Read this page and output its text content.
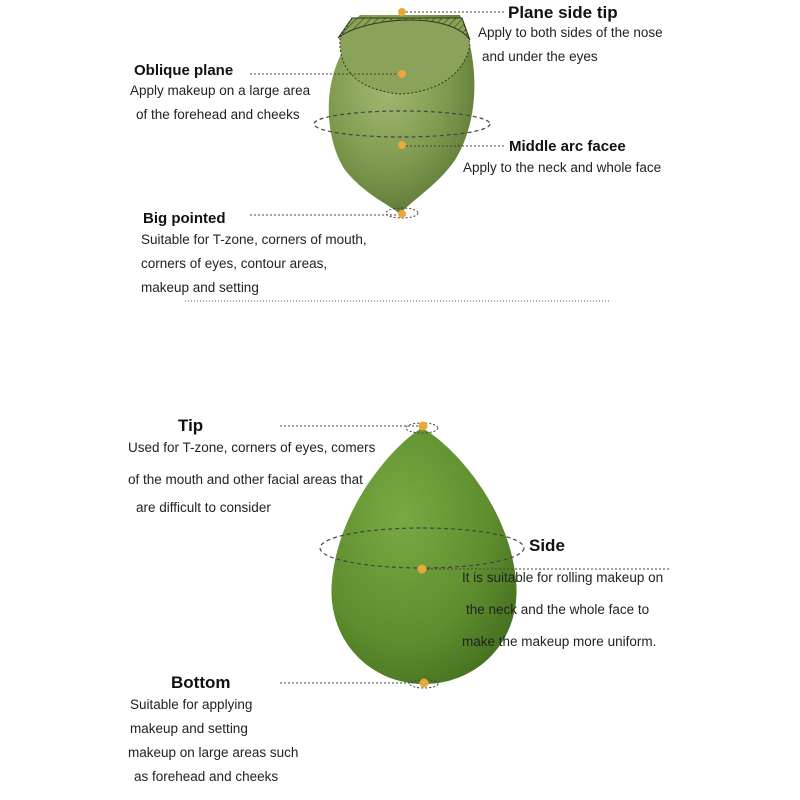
Plane side tip
Apply to both sides of the nose
and under the eyes
Oblique plane
Apply makeup on a large area
of the forehead and cheeks
Middle arc facee
Apply to the neck and whole face
Big pointed
Suitable for T-zone, corners of mouth,
corners of eyes, contour areas,
makeup and setting
Tip
Used for T-zone, corners of eyes, comers
of the mouth and other facial areas that
are difficult to consider
Side
It is suitable for rolling makeup on
the neck and the whole face to
make the makeup more uniform.
Bottom
Suitable for applying
makeup and setting
makeup on large areas such
as forehead and cheeks
